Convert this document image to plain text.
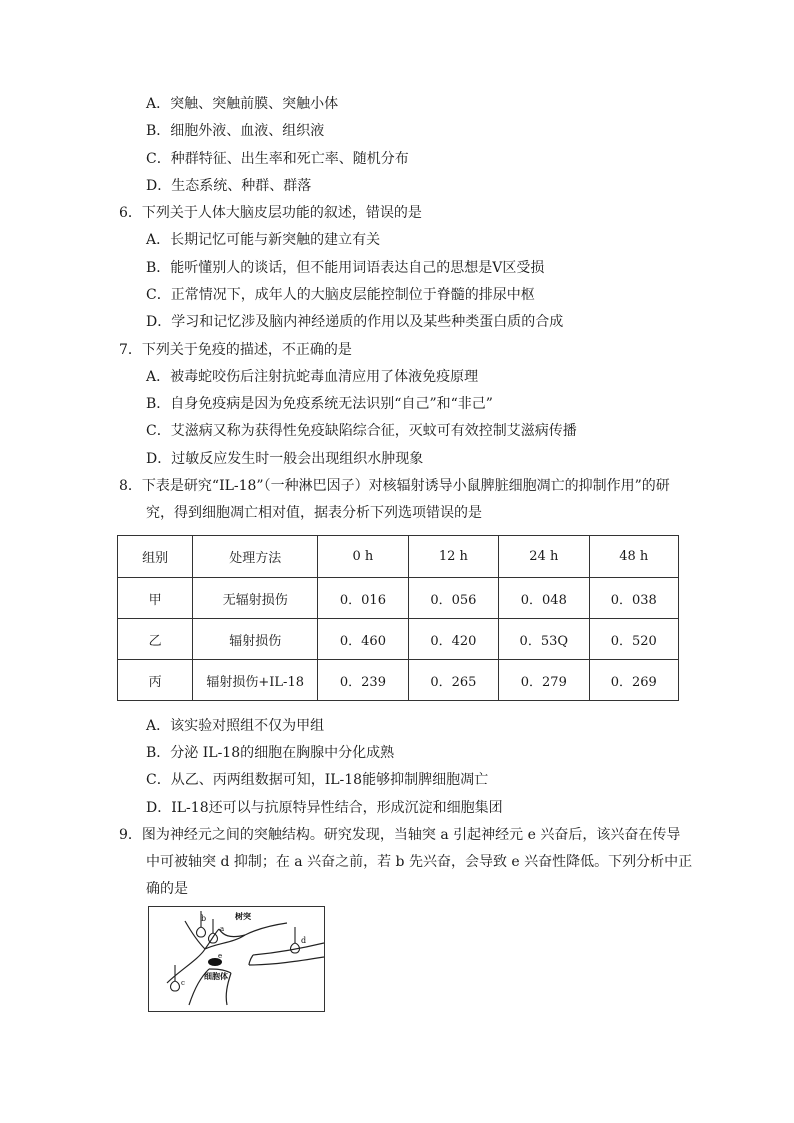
A．突触、突触前膜、突触小体
B．细胞外液、血液、组织液
C．种群特征、出生率和死亡率、随机分布
D．生态系统、种群、群落
6．下列关于人体大脑皮层功能的叙述，错误的是
A．长期记忆可能与新突触的建立有关
B．能听懂别人的谈话，但不能用词语表达自己的思想是Ⅴ区受损
C．正常情况下，成年人的大脑皮层能控制位于脊髓的排尿中枢
D．学习和记忆涉及脑内神经递质的作用以及某些种类蛋白质的合成
7．下列关于免疫的描述，不正确的是
A．被毒蛇咬伤后注射抗蛇毒血清应用了体液免疫原理
B．自身免疫病是因为免疫系统无法识别“自己”和“非己”
C．艾滋病又称为获得性免疫缺陷综合征，灭蚊可有效控制艾滋病传播
D．过敏反应发生时一般会出现组织水肿现象
8．下表是研究“IL-18”（一种淋巴因子）对核辐射诱导小鼠脾脏细胞凋亡的抑制作用”的研
究，得到细胞凋亡相对值，据表分析下列选项错误的是
组别	处理方法	0 h	12 h	24 h	48 h
甲	无辐射损伤	0．016	0．056	0．048	0．038
乙	辐射损伤	0．460	0．420	0．53Q	0．520
丙	辐射损伤+IL-18	0．239	0．265	0．279	0．269
A．该实验对照组不仅为甲组
B．分泌 IL-18的细胞在胸腺中分化成熟
C．从乙、丙两组数据可知，IL-18能够抑制脾细胞凋亡
D．IL-18还可以与抗原特异性结合，形成沉淀和细胞集团
9．图为神经元之间的突触结构。研究发现，当轴突 a 引起神经元 e 兴奋后，该兴奋在传导
中可被轴突 d 抑制；在 a 兴奋之前，若 b 先兴奋，会导致 e 兴奋性降低。下列分析中正
确的是
b
a
树突
e
细胞体
d
c
